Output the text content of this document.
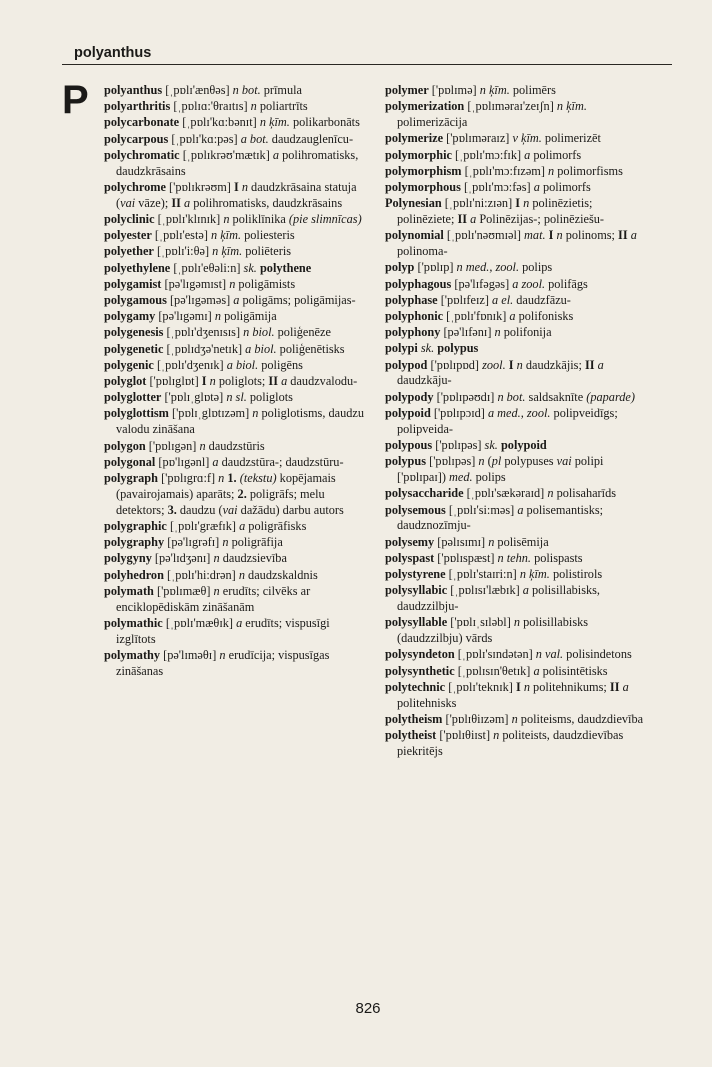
polyanthus
P polyanthus [ˌpɒlɪ'ænθəs] n bot. prīmula
polyarthritis [ˌpɒlɪɑ:'θraɪtɪs] n poliartrīts
polycarbonate [ˌpɒlɪ'kɑ:bənɪt] n ķīm. polikarbonāts
polycarpous [ˌpɒlɪ'kɑ:pəs] a bot. daudzauglenīcu-
polychromatic [ˌpɒlɪkrəʊ'mætɪk] a polihromatisks, daudzkrāsains
polychrome ['pɒlɪkrəʊm] I n daudzkrāsaina statuja (vai vāze); II a polihromatisks, daudzkrāsains
polyclinic [ˌpɒlɪ'klɪnɪk] n poliklīnika (pie slimnīcas)
polyester [ˌpɒlɪ'estə] n ķīm. poliesteris
polyether [ˌpɒlɪ'i:θə] n ķīm. poliēteris
polyethylene [ˌpɒlɪ'eθəli:n] sk. polythene
polygamist [pə'lɪgəmɪst] n poligāmists
polygamous [pə'lɪgəməs] a poligāms; poligāmijas-
polygamy [pə'lɪgəmɪ] n poligāmija
polygenesis [ˌpɒlɪ'dʒenɪsɪs] n biol. poliģenēze
polygenetic [ˌpɒlɪdʒə'netɪk] a biol. poliģenētisks
polygenic [ˌpɒlɪ'dʒenɪk] a biol. poligēns
polyglot ['pɒlɪglɒt] I n poliglots; II a daudzvalodu-
polyglotter ['pɒlɪˌglɒtə] n sl. poliglots
polyglottism ['pɒlɪˌglɒtɪzəm] n poliglotisms, daudzu valodu zināšana
polygon ['pɒlɪgən] n daudzstūris
polygonal [pɒ'lɪgənl] a daudzstūra-; daudzstūru-
polygraph ['pɒlɪgrɑ:f] n 1. (tekstu) kopējamais (pavairojamais) aparāts; 2. poligrāfs; melu detektors; 3. daudzu (vai dažādu) darbu autors
polygraphic [ˌpɒlɪ'græfɪk] a poligrāfisks
polygraphy [pə'lɪgrəfɪ] n poligrāfija
polygyny [pə'lɪdʒənɪ] n daudzsievība
polyhedron [ˌpɒlɪ'hi:drən] n daudzskaldnis
polymath ['pɒlɪmæθ] n erudīts; cilvēks ar enciklopēdiskām zināšanām
polymathic [ˌpɒlɪ'mæθɪk] a erudīts; vispusīgi izglītots
polymathy [pə'lɪməθɪ] n erudīcija; vispusīgas zināšanas
polymer ['pɒlɪmə] n ķīm. polimērs
polymerization [ˌpɒlɪməraɪ'zeɪʃn] n ķīm. polimerizācija
polymerize ['pɒlɪməraɪz] v ķīm. polimerizēt
polymorphic [ˌpɒlɪ'mɔ:fɪk] a polimorfs
polymorphism [ˌpɒlɪ'mɔ:fɪzəm] n polimorfisms
polymorphous [ˌpɒlɪ'mɔ:fəs] a polimorfs
Polynesian [ˌpɒlɪ'ni:zɪən] I n polinēzietis; polinēziete; II a Polinēzijas-; polinēziešu-
polynomial [ˌpɒlɪ'nəʊmɪəl] mat. I n polinoms; II a polinoma-
polyp ['pɒlɪp] n med., zool. polips
polyphagous [pə'lɪfəgəs] a zool. polifāgs
polyphase ['pɒlɪfeɪz] a el. daudzfāzu-
polyphonic [ˌpɒlɪ'fɒnɪk] a polifonisks
polyphony [pə'lɪfənɪ] n polifonija
polypi sk. polypus
polypod ['pɒlɪpɒd] zool. I n daudzkājis; II a daudzkāju-
polypody ['pɒlɪpəʊdɪ] n bot. saldsaknīte (paparde)
polypoid ['pɒlɪpɔɪd] a med., zool. polipveidīgs; polipveida-
polypous ['pɒlɪpəs] sk. polypoid
polypus ['pɒlɪpəs] n (pl polypuses vai polipi ['pɒlɪpaɪ]) med. polips
polysaccharide [ˌpɒlɪ'sækəraɪd] n polisaharīds
polysemous [ˌpɒlɪ'si:məs] a polisemantisks; daudznozīmju-
polysemy [pəlɪsɪmɪ] n polisēmija
polyspast ['pɒlɪspæst] n tehn. polispasts
polystyrene [ˌpɒlɪ'staɪri:n] n ķīm. polistirols
polysyllabic [ˌpɒlɪsɪ'læbɪk] a polisillabisks, daudzzilbju-
polysyllable ['pɒlɪˌsɪləbl] n polisillabisks (daudzzilbju) vārds
polysyndeton [ˌpɒlɪ'sɪndətən] n val. polisindetons
polysynthetic [ˌpɒlɪsɪn'θetɪk] a polisintētisks
polytechnic [ˌpɒlɪ'teknɪk] I n politehnikums; II a politehnisks
polytheism ['pɒlɪθiɪzəm] n politeisms, daudzdievība
polytheist ['pɒlɪθiɪst] n politeists, daudzdievības piekritējs
826
